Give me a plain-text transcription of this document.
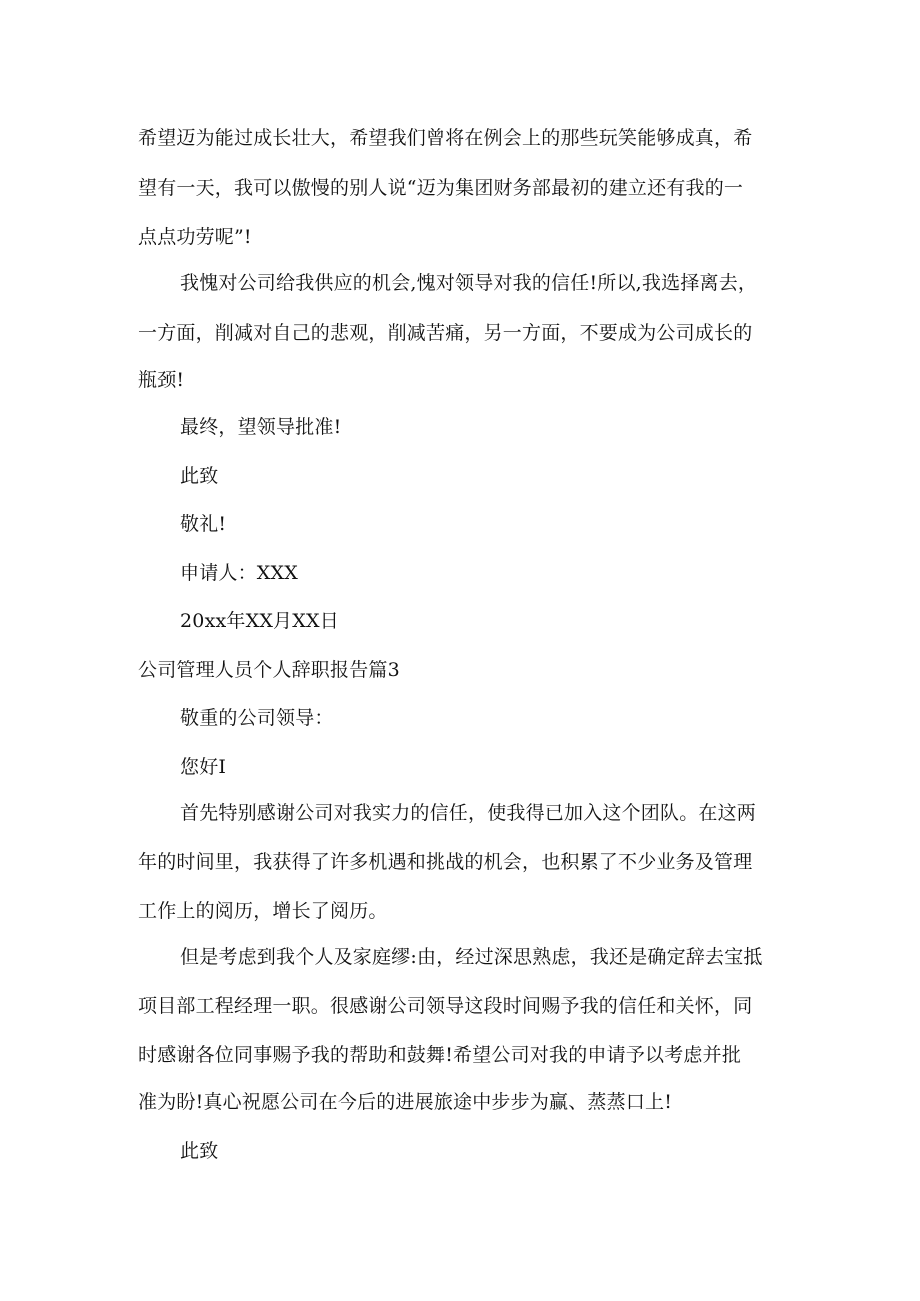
希望迈为能过成长壮大，希望我们曾将在例会上的那些玩笑能够成真，希
望有一天，我可以傲慢的别人说“迈为集团财务部最初的建立还有我的一
点点功劳呢”!
我愧对公司给我供应的机会,愧对领导对我的信任!所以,我选择离去，
一方面，削减对自己的悲观，削减苦痛，另一方面，不要成为公司成长的
瓶颈!
最终，望领导批准!
此致
敬礼!
申请人：XXX
20xx年XX月XX日
公司管理人员个人辞职报告篇3
敬重的公司领导：
您好I
首先特别感谢公司对我实力的信任，使我得已加入这个团队。在这两
年的时间里，我获得了许多机遇和挑战的机会，也积累了不少业务及管理
工作上的阅历，增长了阅历。
但是考虑到我个人及家庭缪:由，经过深思熟虑，我还是确定辞去宝抵
项目部工程经理一职。很感谢公司领导这段时间赐予我的信任和关怀，同
时感谢各位同事赐予我的帮助和鼓舞!希望公司对我的申请予以考虑并批
准为盼!真心祝愿公司在今后的进展旅途中步步为赢、蒸蒸口上!
此致
